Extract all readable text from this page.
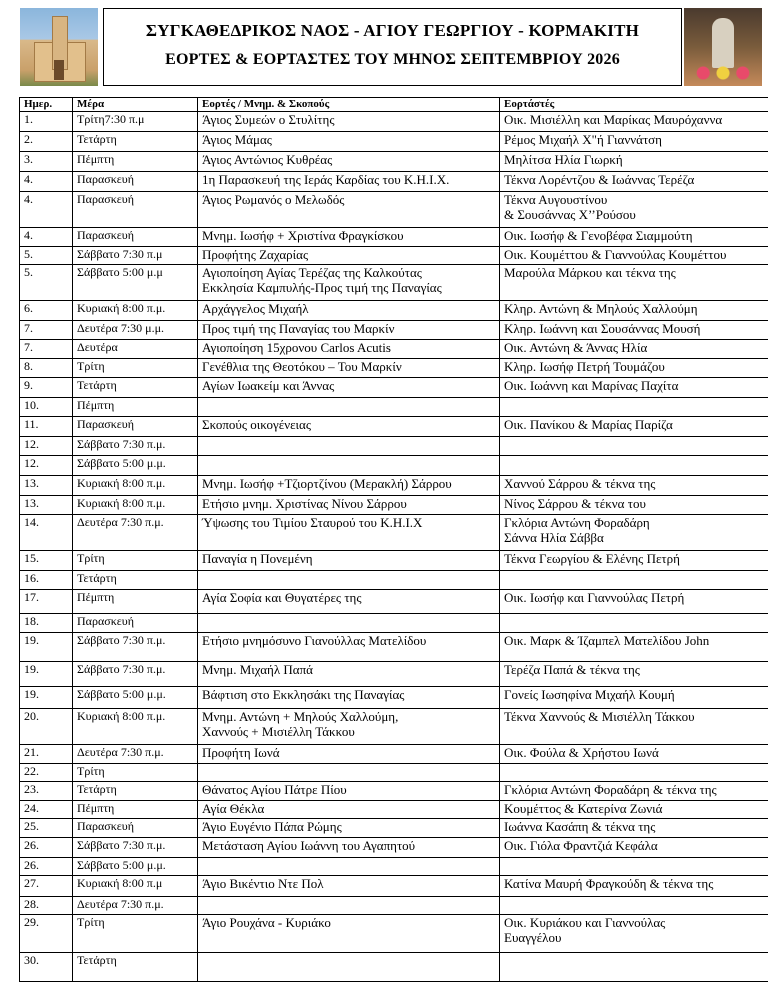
ΣΥΓΚΑΘΕΔΡΙΚΟΣ ΝΑΟΣ - ΑΓΙΟΥ ΓΕΩΡΓΙΟΥ - ΚΟΡΜΑΚΙΤΗ
ΕΟΡΤΕΣ & ΕΟΡΤΑΣΤΕΣ ΤΟΥ ΜΗΝΟΣ ΣΕΠΤΕΜΒΡΙΟΥ 2026
Ημερ.	Μέρα	Εορτές / Μνημ. & Σκοπούς	Εορτάστές
1.	Τρίτη7:30 π.μ	Άγιος Συμεών ο Στυλίτης	Οικ. Μισιέλλη και Μαρίκας Μαυρόχαννα
2.	Τετάρτη	Άγιος Μάμας	Ρέμος Μιχαήλ Χ"ή Γιαννάτση
3.	Πέμπτη	Άγιος Αντώνιος Κυθρέας	Μηλίτσα Ηλία Γιωρκή
4.	Παρασκευή	1η Παρασκευή της Ιεράς Καρδίας του Κ.Η.Ι.Χ.	Τέκνα Λορέντζου & Ιωάννας Τερέζα
4.	Παρασκευή	Άγιος Ρωμανός ο Μελωδός	Τέκνα Αυγουστίνου
& Σουσάννας Χ’’Ρούσου
4.	Παρασκευή	Μνημ. Ιωσήφ + Χριστίνα Φραγκίσκου	Οικ. Ιωσήφ & Γενοβέφα Σιαμμούτη
5.	Σάββατο 7:30 π.μ	Προφήτης Ζαχαρίας	Οικ. Κουμέττου & Γιαννούλας Κουμέττου
5.	Σάββατο 5:00 μ.μ	Αγιοποίηση Αγίας Τερέζας της Καλκούτας
Εκκλησία Καμπυλής-Προς τιμή της Παναγίας	Μαρούλα Μάρκου και τέκνα της
6.	Κυριακή 8:00 π.μ.	Αρχάγγελος Μιχαήλ	Κληρ. Αντώνη & Μηλούς Χαλλούμη
7.	Δευτέρα 7:30 μ.μ.	Προς τιμή της Παναγίας του Μαρκίν	Κληρ. Ιωάννη και Σουσάννας Μουσή
7.	Δευτέρα	Αγιοποίηση 15χρονου Carlos Acutis	Οικ. Αντώνη & Άννας Ηλία
8.	Τρίτη	Γενέθλια της Θεοτόκου – Του Μαρκίν	Κληρ. Ιωσήφ Πετρή Τουμάζου
9.	Τετάρτη	Αγίων Ιωακείμ και Άννας	Οικ. Ιωάννη και Μαρίνας Παχίτα
10.	Πέμπτη		
11.	Παρασκευή	Σκοπούς οικογένειας	Οικ. Πανίκου & Μαρίας Παρίζα
12.	Σάββατο 7:30 π.μ.		
12.	Σάββατο 5:00 μ.μ.		
13.	Κυριακή 8:00 π.μ.	Μνημ. Ιωσήφ +Τζιορτζίνου (Μερακλή) Σάρρου	Χαννού Σάρρου & τέκνα της
13.	Κυριακή 8:00 π.μ.	Ετήσιο μνημ. Χριστίνας Νίνου Σάρρου	Νίνος Σάρρου & τέκνα του
14.	Δευτέρα 7:30 π.μ.	Ύψωσης του Τιμίου Σταυρού του Κ.Η.Ι.Χ	Γκλόρια Αντώνη Φοραδάρη
Σάννα Ηλία Σάββα
15.	Τρίτη	Παναγία η Πονεμένη	Τέκνα Γεωργίου & Ελένης Πετρή
16.	Τετάρτη		
17.	Πέμπτη	Αγία Σοφία και Θυγατέρες της	Οικ. Ιωσήφ και Γιαννούλας Πετρή
18.	Παρασκευή		
19.	Σάββατο 7:30 π.μ.	Ετήσιο μνημόσυνο Γιανούλλας Ματελίδου	Οικ. Μαρκ & Ίζαμπελ Ματελίδου John
19.	Σάββατο 7:30 π.μ.	Μνημ. Μιχαήλ Παπά	Τερέζα Παπά & τέκνα της
19.	Σάββατο 5:00 μ.μ.	Βάφτιση στο Εκκλησάκι της Παναγίας	Γονείς Ιωσηφίνα Μιχαήλ Κουμή
20.	Κυριακή 8:00 π.μ.	Μνημ. Αντώνη + Μηλούς Χαλλούμη,
Χαννούς + Μισιέλλη Τάκκου	Τέκνα Χαννούς & Μισιέλλη Τάκκου
21.	Δευτέρα 7:30 π.μ.	Προφήτη Ιωνά	Οικ. Φούλα & Χρήστου Ιωνά
22.	Τρίτη		
23.	Τετάρτη	Θάνατος Αγίου Πάτρε Πίου	Γκλόρια Αντώνη Φοραδάρη & τέκνα της
24.	Πέμπτη	Αγία Θέκλα	Κουμέττος & Κατερίνα Ζωνιά
25.	Παρασκευή	Άγιο Ευγένιο Πάπα Ρώμης	Ιωάννα Κασάπη & τέκνα της
26.	Σάββατο 7:30 π.μ.	Μετάσταση Αγίου Ιωάννη του Αγαπητού	Οικ. Γιόλα Φραντζιά Κεφάλα
26.	Σάββατο 5:00 μ.μ.		
27.	Κυριακή 8:00 π.μ	Άγιο Βικέντιο Ντε Πολ	Κατίνα Μαυρή Φραγκούδη & τέκνα της
28.	Δευτέρα 7:30 π.μ.		
29.	Τρίτη	Άγιο Ρουχάνα - Κυριάκο	Οικ. Κυριάκου και Γιαννούλας
Ευαγγέλου
30.	Τετάρτη		
